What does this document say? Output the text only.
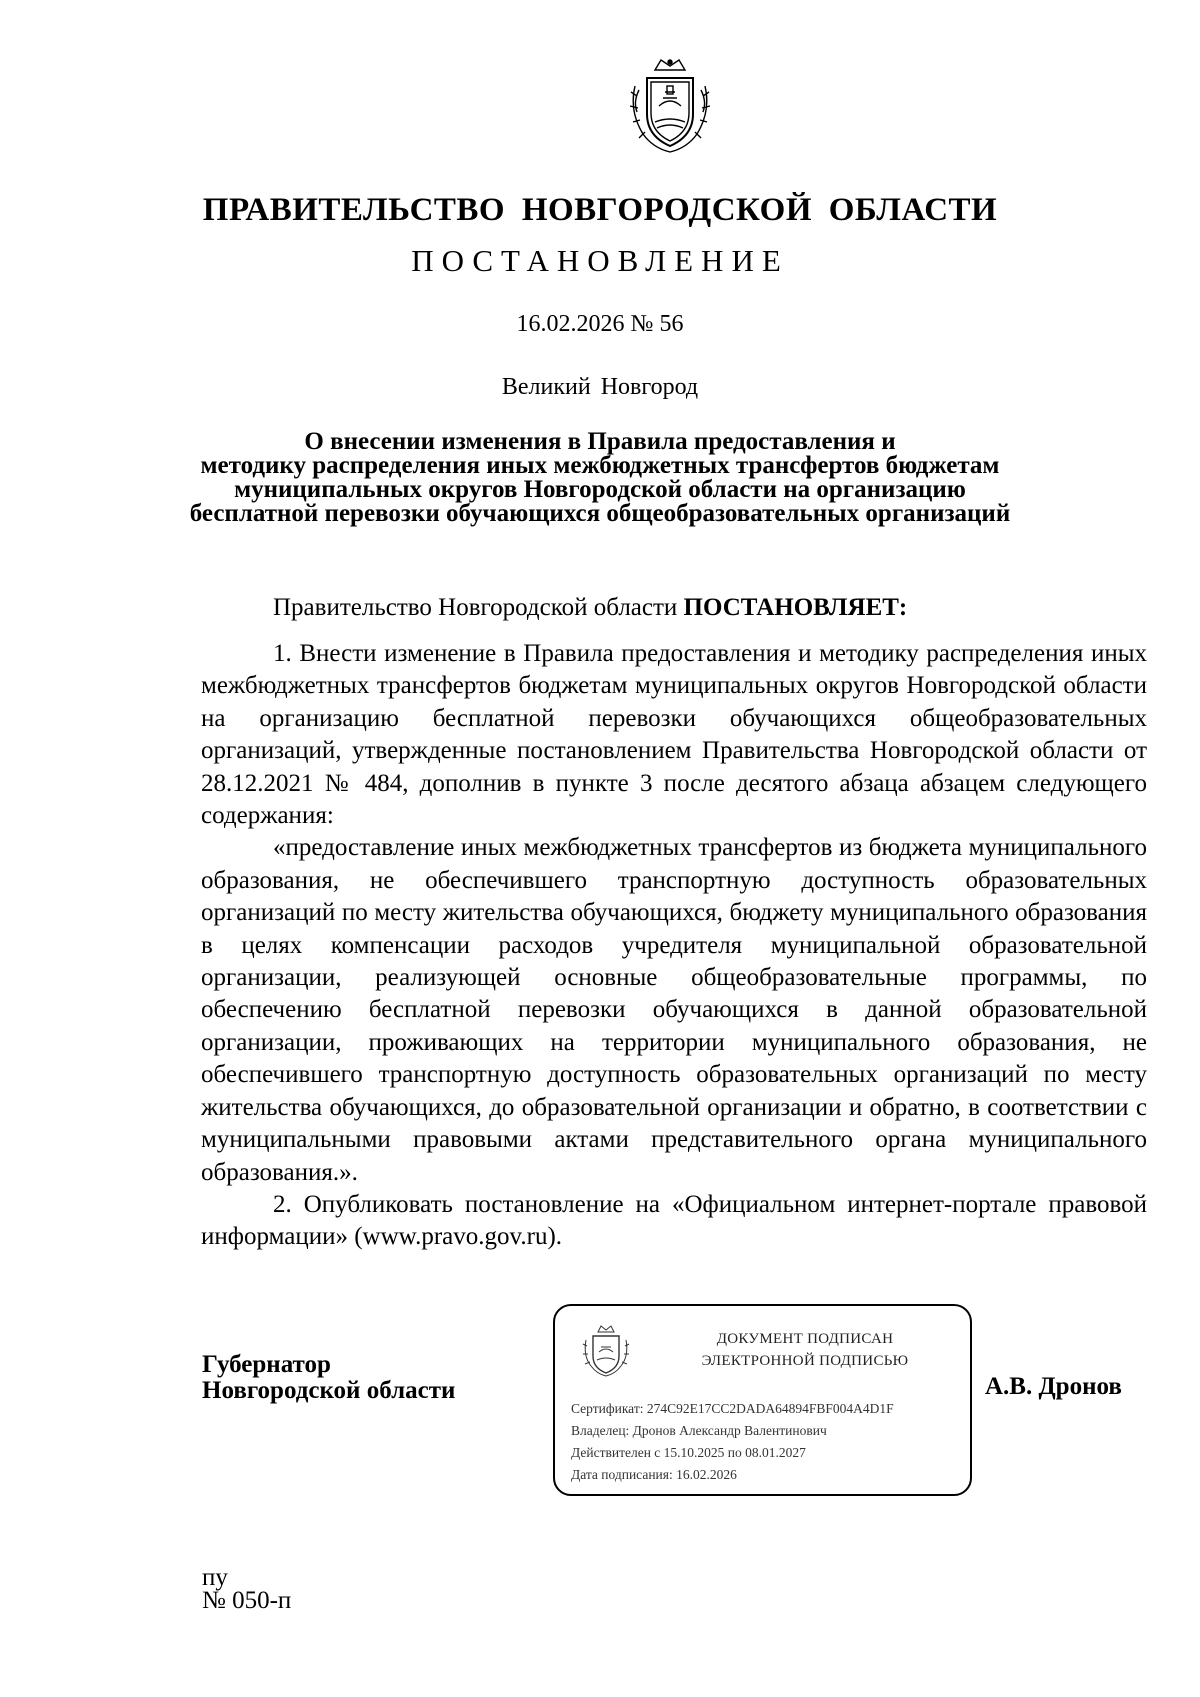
ПРАВИТЕЛЬСТВО НОВГОРОДСКОЙ ОБЛАСТИ
ПОСТАНОВЛЕНИЕ
16.02.2026 № 56
Великий Новгород
О внесении изменения в Правила предоставления и
методику распределения иных межбюджетных трансфертов бюджетам
муниципальных округов Новгородской области на организацию
бесплатной перевозки обучающихся общеобразовательных организаций
Правительство Новгородской области ПОСТАНОВЛЯЕТ:

1. Внести изменение в Правила предоставления и методику распределения иных межбюджетных трансфертов бюджетам муниципальных округов Новгородской области на организацию бесплатной перевозки обучающихся общеобразовательных организаций, утвержденные постановлением Правительства Новгородской области от 28.12.2021 № 484, дополнив в пункте 3 после десятого абзаца абзацем следующего содержания:

«предоставление иных межбюджетных трансфертов из бюджета муниципального образования, не обеспечившего транспортную доступность образовательных организаций по месту жительства обучающихся, бюджету муниципального образования в целях компенсации расходов учредителя муниципальной образовательной организации, реализующей основные общеобразовательные программы, по обеспечению бесплатной перевозки обучающихся в данной образовательной организации, проживающих на территории муниципального образования, не обеспечившего транспортную доступность образовательных организаций по месту жительства обучающихся, до образовательной организации и обратно, в соответствии с муниципальными правовыми актами представительного органа муниципального образования.».

2. Опубликовать постановление на «Официальном интернет-портале правовой информации» (www.pravo.gov.ru).

Губернатор
Новгородской области
ДОКУМЕНТ ПОДПИСАН
ЭЛЕКТРОННОЙ ПОДПИСЬЮ
Сертификат: 274C92E17CC2DADA64894FBF004A4D1F
Владелец: Дронов Александр Валентинович
Действителен с 15.10.2025 по 08.01.2027
Дата подписания: 16.02.2026
А.В. Дронов
пу
№ 050-п
